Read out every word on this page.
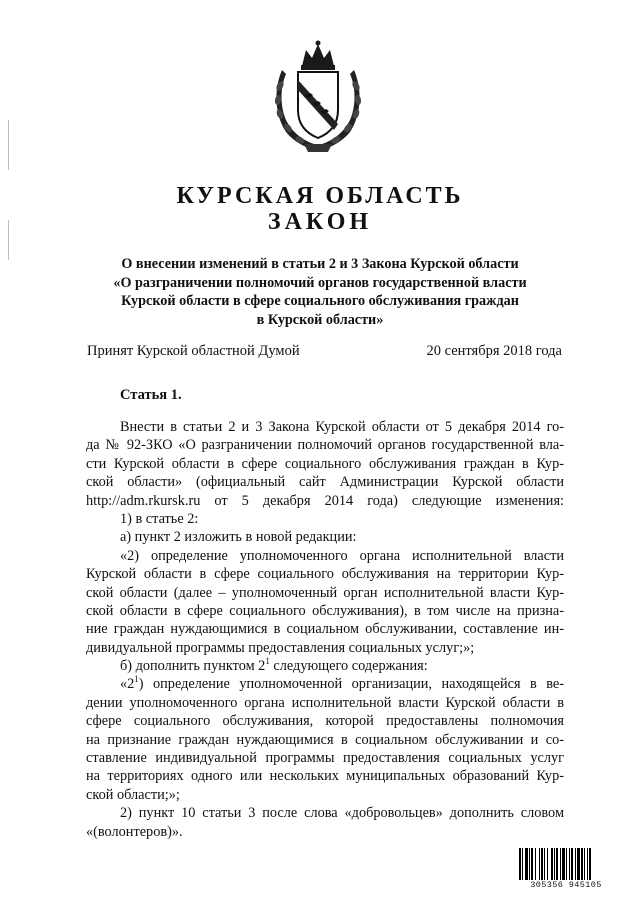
КУРСКАЯ ОБЛАСТЬ
ЗАКОН
О внесении изменений в статьи 2 и 3 Закона Курской области
«О разграничении полномочий органов государственной власти
Курской области в сфере социального обслуживания граждан
в Курской области»
Принят Курской областной Думой	20 сентября 2018 года
Статья 1.
Внести в статьи 2 и 3 Закона Курской области от 5 декабря 2014 го-
да № 92-ЗКО «О разграничении полномочий органов государственной вла-
сти Курской области в сфере социального обслуживания граждан в Кур-
ской области» (официальный сайт Администрации Курской области
http://adm.rkursk.ru от 5 декабря 2014 года) следующие изменения:
1) в статье 2:
а) пункт 2 изложить в новой редакции:
«2) определение уполномоченного органа исполнительной власти
Курской области в сфере социального обслуживания на территории Кур-
ской области (далее – уполномоченный орган исполнительной власти Кур-
ской области в сфере социального обслуживания), в том числе на призна-
ние граждан нуждающимися в социальном обслуживании, составление ин-
дивидуальной программы предоставления социальных услуг;»;
б) дополнить пунктом $2^1$ следующего содержания:
«$2^1$) определение уполномоченной организации, находящейся в ве-
дении уполномоченного органа исполнительной власти Курской области в
сфере социального обслуживания, которой предоставлены полномочия
на признание граждан нуждающимися в социальном обслуживании и со-
ставление индивидуальной программы предоставления социальных услуг
на территориях одного или нескольких муниципальных образований Кур-
ской области;»;
2) пункт 10 статьи 3 после слова «добровольцев» дополнить словом
«(волонтеров)».
305356 945105
